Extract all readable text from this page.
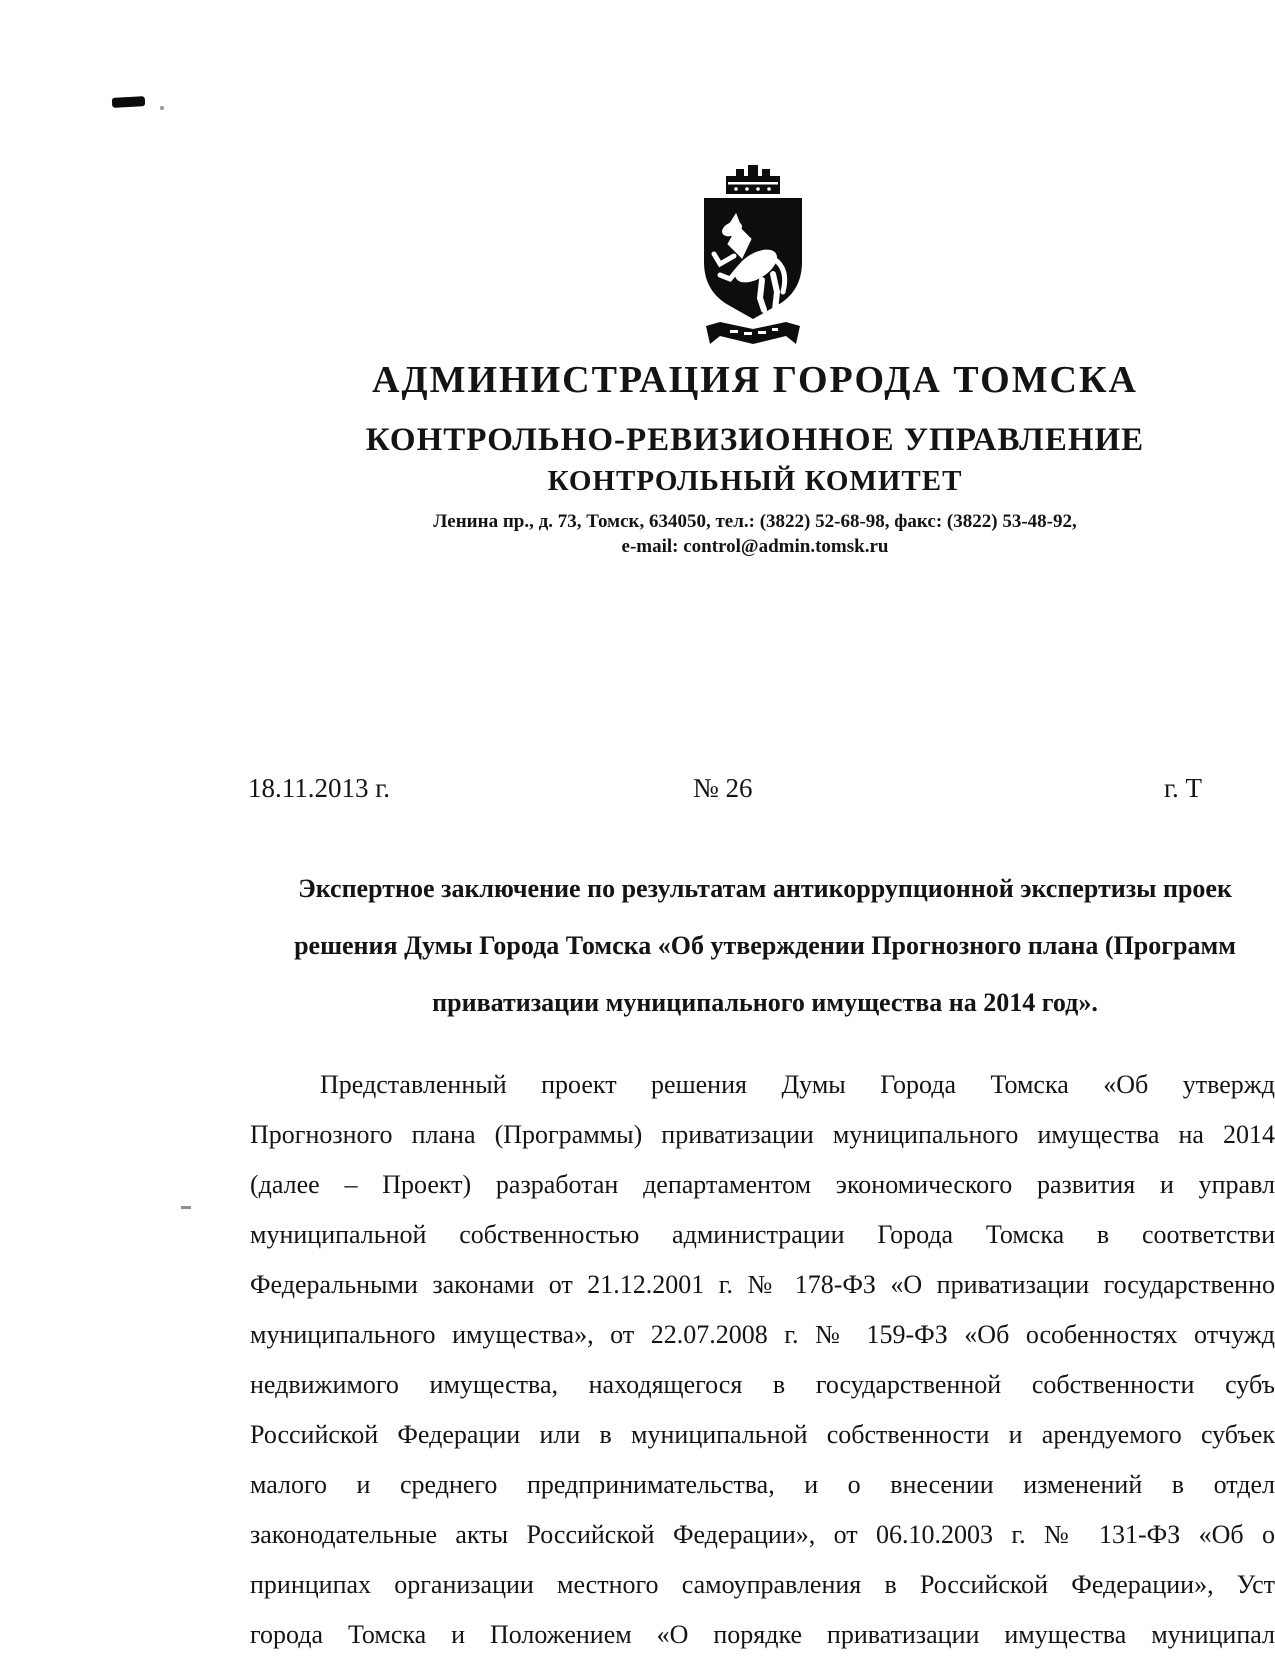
АДМИНИСТРАЦИЯ ГОРОДА ТОМСКА
КОНТРОЛЬНО-РЕВИЗИОННОЕ УПРАВЛЕНИЕ
КОНТРОЛЬНЫЙ КОМИТЕТ
Ленина пр., д. 73, Томск, 634050, тел.: (3822) 52-68-98, факс: (3822) 53-48-92,
e-mail: control@admin.tomsk.ru
18.11.2013 г.	№ 26	г. Т
Экспертное заключение по результатам антикоррупционной экспертизы проек
решения Думы Города Томска «Об утверждении Прогнозного плана (Программ
приватизации муниципального имущества на 2014 год».
Представленный проект решения Думы Города Томска «Об утвержд
Прогнозного плана (Программы) приватизации муниципального имущества на 2014
(далее – Проект) разработан департаментом экономического развития и управл
муниципальной собственностью администрации Города Томска в соответстви
Федеральными законами от 21.12.2001 г. № 178-ФЗ «О приватизации государственно
муниципального имущества», от 22.07.2008 г. № 159-ФЗ «Об особенностях отчужд
недвижимого имущества, находящегося в государственной собственности субъ
Российской Федерации или в муниципальной собственности и арендуемого субъек
малого и среднего предпринимательства, и о внесении изменений в отдел
законодательные акты Российской Федерации», от 06.10.2003 г. № 131-ФЗ «Об о
принципах организации местного самоуправления в Российской Федерации», Уст
города Томска и Положением «О порядке приватизации имущества муниципал
